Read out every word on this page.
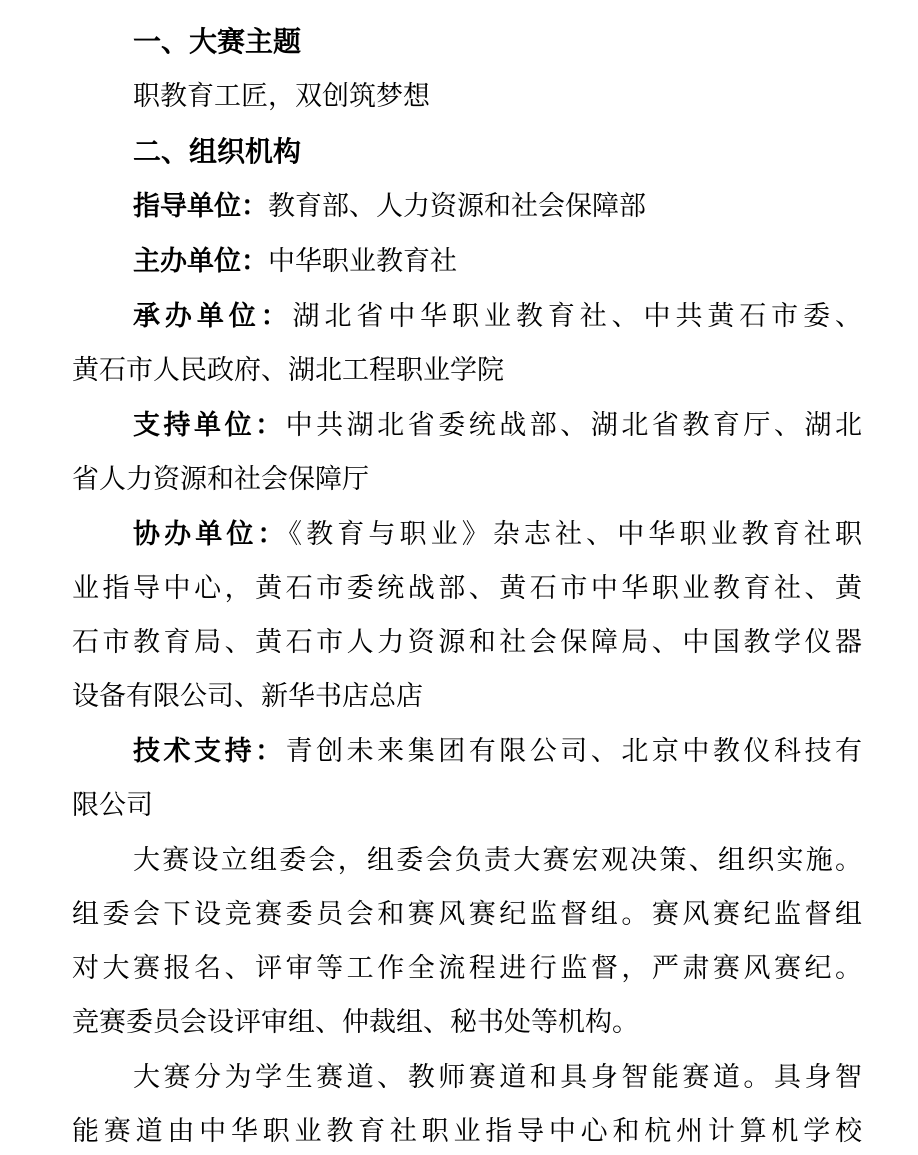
一、大赛主题
职教育工匠，双创筑梦想
二、组织机构
指导单位：教育部、人力资源和社会保障部
主办单位：中华职业教育社
承办单位：湖北省中华职业教育社、中共黄石市委、
黄石市人民政府、湖北工程职业学院
支持单位：中共湖北省委统战部、湖北省教育厅、湖北
省人力资源和社会保障厅
协办单位：《教育与职业》杂志社、中华职业教育社职
业指导中心，黄石市委统战部、黄石市中华职业教育社、黄
石市教育局、黄石市人力资源和社会保障局、中国教学仪器
设备有限公司、新华书店总店
技术支持：青创未来集团有限公司、北京中教仪科技有
限公司
大赛设立组委会，组委会负责大赛宏观决策、组织实施。
组委会下设竞赛委员会和赛风赛纪监督组。赛风赛纪监督组
对大赛报名、评审等工作全流程进行监督，严肃赛风赛纪。
竞赛委员会设评审组、仲裁组、秘书处等机构。
大赛分为学生赛道、教师赛道和具身智能赛道。具身智
能赛道由中华职业教育社职业指导中心和杭州计算机学校
